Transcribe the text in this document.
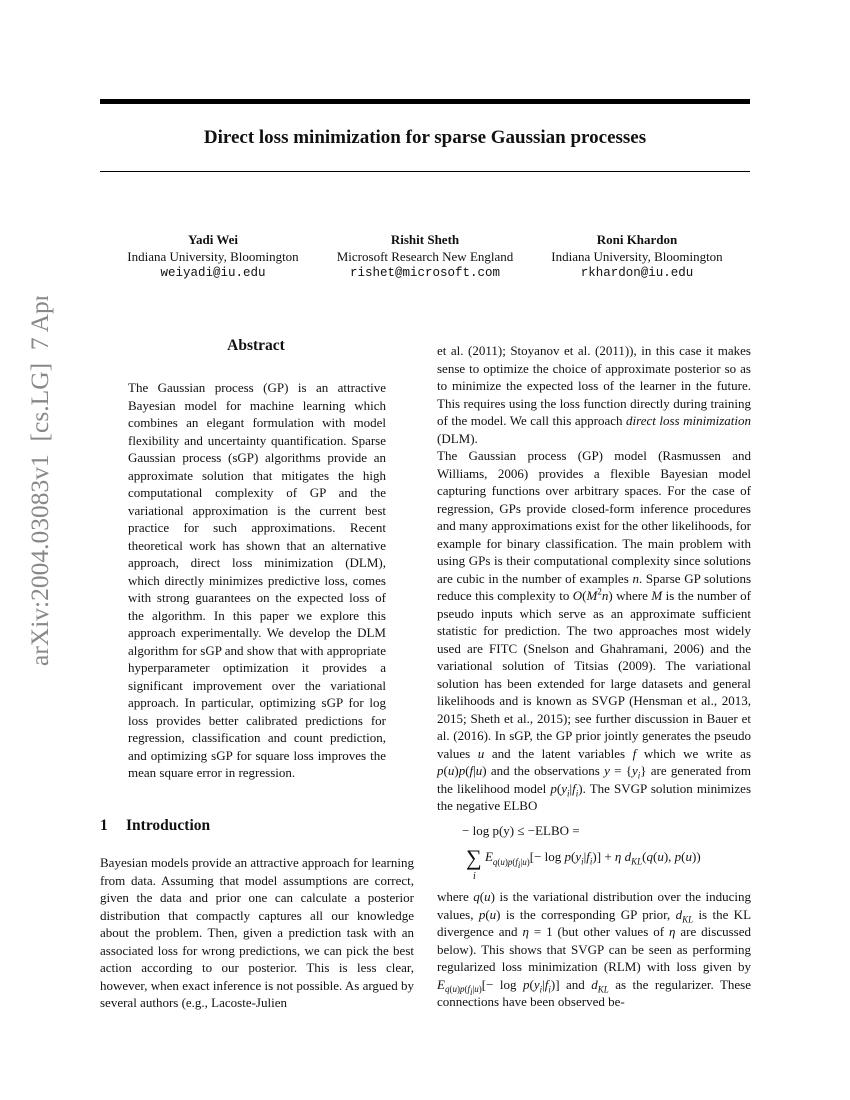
Direct loss minimization for sparse Gaussian processes
Yadi Wei
Indiana University, Bloomington
weiyadi@iu.edu
Rishit Sheth
Microsoft Research New England
rishet@microsoft.com
Roni Khardon
Indiana University, Bloomington
rkhardon@iu.edu
arXiv:2004.03083v1  [cs.LG]  7 Apr 2020	Abstract
The Gaussian process (GP) is an attractive Bayesian model for machine learning which combines an elegant formulation with model flexibility and uncertainty quantification. Sparse Gaussian process (sGP) algorithms provide an approximate solution that mitigates the high computational complexity of GP and the variational approximation is the current best practice for such approximations. Recent theoretical work has shown that an alternative approach, direct loss minimization (DLM), which directly minimizes predictive loss, comes with strong guarantees on the expected loss of the algorithm. In this paper we explore this approach experimentally. We develop the DLM algorithm for sGP and show that with appropriate hyperparameter optimization it provides a significant improvement over the variational approach. In particular, optimizing sGP for log loss provides better calibrated predictions for regression, classification and count prediction, and optimizing sGP for square loss improves the mean square error in regression.
1 Introduction
Bayesian models provide an attractive approach for learning from data. Assuming that model assumptions are correct, given the data and prior one can calculate a posterior distribution that compactly captures all our knowledge about the problem. Then, given a prediction task with an associated loss for wrong predictions, we can pick the best action according to our posterior. This is less clear, however, when exact inference is not possible. As argued by several authors (e.g., Lacoste-Julien

et al. (2011); Stoyanov et al. (2011)), in this case it makes sense to optimize the choice of approximate posterior so as to minimize the expected loss of the learner in the future. This requires using the loss function directly during training of the model. We call this approach direct loss minimization (DLM).

The Gaussian process (GP) model (Rasmussen and Williams, 2006) provides a flexible Bayesian model capturing functions over arbitrary spaces. For the case of regression, GPs provide closed-form inference procedures and many approximations exist for the other likelihoods, for example for binary classification. The main problem with using GPs is their computational complexity since solutions are cubic in the number of examples n. Sparse GP solutions reduce this complexity to $O(M^2n)$ where M is the number of pseudo inputs which serve as an approximate sufficient statistic for prediction. The two approaches most widely used are FITC (Snelson and Ghahramani, 2006) and the variational solution of Titsias (2009). The variational solution has been extended for large datasets and general likelihoods and is known as SVGP (Hensman et al., 2013, 2015; Sheth et al., 2015); see further discussion in Bauer et al. (2016). In sGP, the GP prior jointly generates the pseudo values u and the latent variables f which we write as p(u)p(f|u) and the observations $y = \{y_i\}$ are generated from the likelihood model $p(y_i|f_i)$. The SVGP solution minimizes the negative ELBO

− log p(y) ≤ −ELBO =
∑
i
$E_{q(u)p(f_i|u)}[- \log p(y_i|f_i)] + \eta$ $d_{KL}(q(u)$, p(u))

where q(u) is the variational distribution over the inducing values, p(u) is the corresponding GP prior, $d_{KL}$ is the KL divergence and η = 1 (but other values of η are discussed below). This shows that SVGP can be seen as performing regularized loss minimization (RLM) with loss given by $E_{q(u)p(f_i|u)}[- \log p(y_i|f_i)]$ and $d_{KL}$ as the regularizer. These connections have been observed be-
